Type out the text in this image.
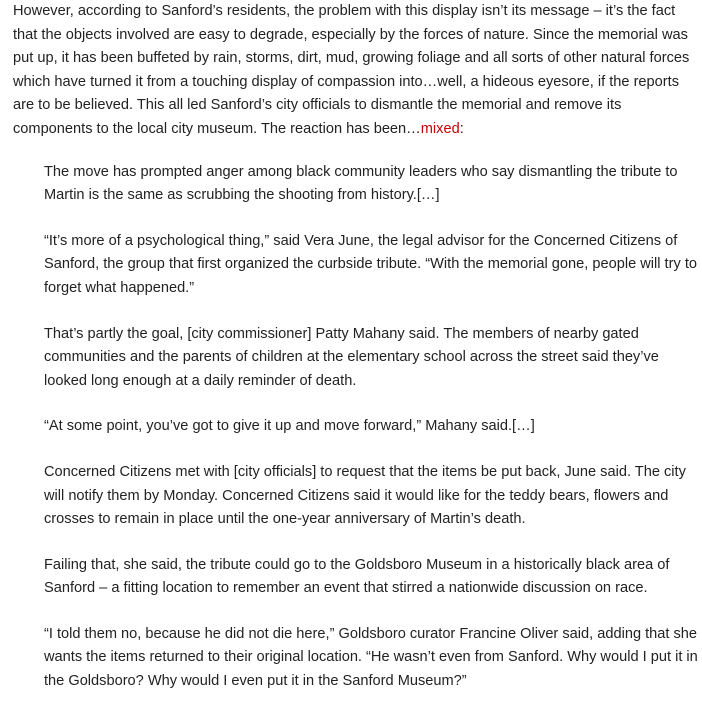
However, according to Sanford’s residents, the problem with this display isn’t its message – it’s the fact that the objects involved are easy to degrade, especially by the forces of nature. Since the memorial was put up, it has been buffeted by rain, storms, dirt, mud, growing foliage and all sorts of other natural forces which have turned it from a touching display of compassion into…well, a hideous eyesore, if the reports are to be believed. This all led Sanford’s city officials to dismantle the memorial and remove its components to the local city museum. The reaction has been…mixed:

The move has prompted anger among black community leaders who say dismantling the tribute to Martin is the same as scrubbing the shooting from history.[…]

“It’s more of a psychological thing,” said Vera June, the legal advisor for the Concerned Citizens of Sanford, the group that first organized the curbside tribute. “With the memorial gone, people will try to forget what happened.”

That’s partly the goal, [city commissioner] Patty Mahany said. The members of nearby gated communities and the parents of children at the elementary school across the street said they’ve looked long enough at a daily reminder of death.

“At some point, you’ve got to give it up and move forward,” Mahany said.[…]

Concerned Citizens met with [city officials] to request that the items be put back, June said. The city will notify them by Monday. Concerned Citizens said it would like for the teddy bears, flowers and crosses to remain in place until the one-year anniversary of Martin’s death.

Failing that, she said, the tribute could go to the Goldsboro Museum in a historically black area of Sanford – a fitting location to remember an event that stirred a nationwide discussion on race.

“I told them no, because he did not die here,” Goldsboro curator Francine Oliver said, adding that she wants the items returned to their original location. “He wasn’t even from Sanford. Why would I put it in the Goldsboro? Why would I even put it in the Sanford Museum?”
